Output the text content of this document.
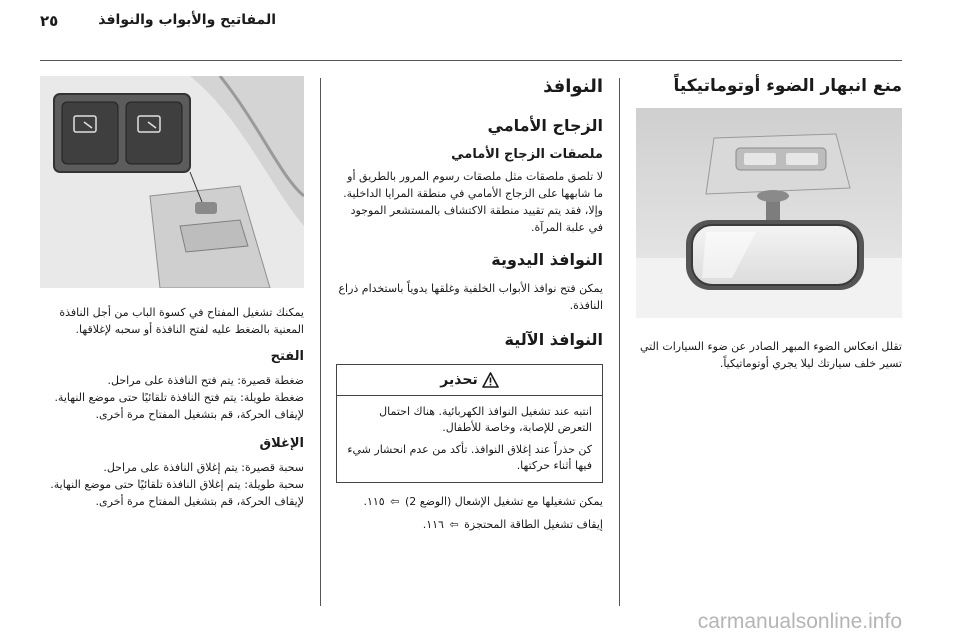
٢٥	المفاتيح والأبواب والنوافذ
منع انبهار الضوء أوتوماتيكياً

تقلل انعكاس الضوء المبهر الصادر عن ضوء السيارات التي تسير خلف سيارتك ليلا يجري أوتوماتيكياً.

النوافذ
الزجاج الأمامي
ملصقات الزجاج الأمامي

لا تلصق ملصقات مثل ملصقات رسوم المرور بالطريق أو ما شابهها على الزجاج الأمامي في منطقة المرايا الداخلية. وإلا، فقد يتم تقييد منطقة الاكتشاف بالمستشعر الموجود في علبة المرآة.

النوافذ اليدوية

يمكن فتح نوافذ الأبواب الخلفية وغلقها يدوياً باستخدام ذراع النافذة.

النوافذ الآلية
تحذير

انتبه عند تشغيل النوافذ الكهربائية. هناك احتمال التعرض للإصابة، وخاصة للأطفال.

كن حذراً عند إغلاق النوافذ. تأكد من عدم انحشار شيء فيها أثناء حركتها.

يمكن تشغيلها مع تشغيل الإشعال (الوضع 2) ⇦ ١١٥.

إيقاف تشغيل الطاقة المحتجزة ⇦ ١١٦.

يمكنك تشغيل المفتاح في كسوة الباب من أجل النافذة المعنية بالضغط عليه لفتح النافذة أو سحبه لإغلاقها.

الفتح

ضغطة قصيرة: يتم فتح النافذة على مراحل.

ضغطة طويلة: يتم فتح النافذة تلقائيًا حتى موضع النهاية. لإيقاف الحركة، قم بتشغيل المفتاح مرة أخرى.

الإغلاق

سحبة قصيرة: يتم إغلاق النافذة على مراحل.

سحبة طويلة: يتم إغلاق النافذة تلقائيًا حتى موضع النهاية. لإيقاف الحركة، قم بتشغيل المفتاح مرة أخرى.

carmanualsonline.info
